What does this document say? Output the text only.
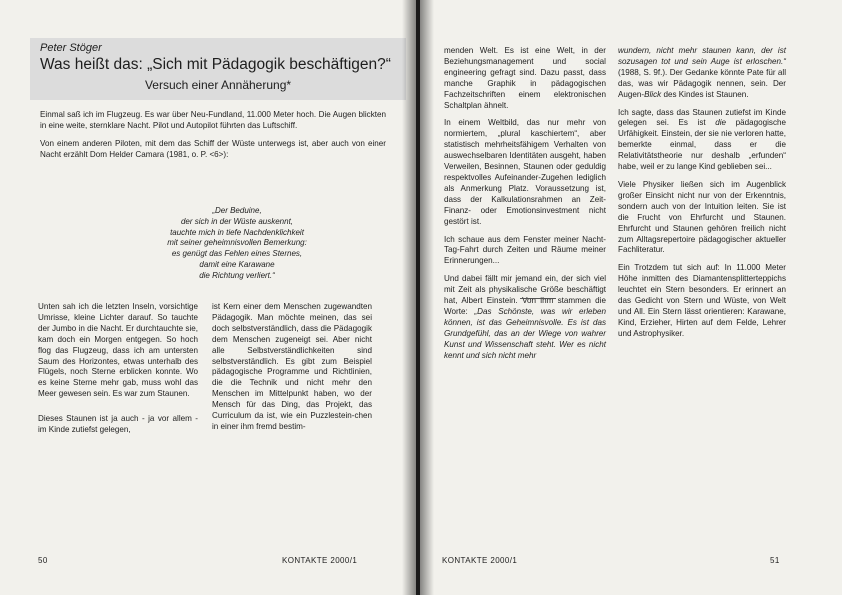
Peter Stöger
Was heißt das: „Sich mit Pädagogik beschäftigen?“
Versuch einer Annäherung*

Einmal saß ich im Flugzeug. Es war über Neu-Fundland, 11.000 Meter hoch. Die Augen blickten in eine weite, sternklare Nacht. Pilot und Autopilot führten das Luftschiff.

Von einem anderen Piloten, mit dem das Schiff der Wüste unterwegs ist, aber auch von einer Nacht erzählt Dom Helder Camara (1981, o. P. <6>):

„Der Beduine,
der sich in der Wüste auskennt,
tauchte mich in tiefe Nachdenklichkeit
mit seiner geheimnisvollen Bemerkung:
es genügt das Fehlen eines Sternes,
damit eine Karawane
die Richtung verliert.“

Unten sah ich die letzten Inseln, vorsichtige Umrisse, kleine Lichter darauf. So tauchte der Jumbo in die Nacht. Er durchtauchte sie, kam doch ein Morgen entgegen. So hoch flog das Flugzeug, dass ich am untersten Saum des Horizontes, etwas unterhalb des Flügels, noch Sterne erblicken konnte. Wo es keine Sterne mehr gab, muss wohl das Meer gewesen sein. Es war zum Staunen.

Dieses Staunen ist ja auch - ja vor allem - im Kinde zutiefst gelegen,

ist Kern einer dem Menschen zugewandten Pädagogik. Man möchte meinen, das sei doch selbstverständlich, dass die Pädagogik dem Menschen zugeneigt sei. Aber nicht alle Selbstverständlichkeiten sind selbstverständlich. Es gibt zum Beispiel pädagogische Programme und Richtlinien, die die Technik und nicht mehr den Menschen im Mittelpunkt haben, wo der Mensch für das Ding, das Projekt, das Curriculum da ist, wie ein Puzzlestein-chen in einer ihm fremd bestim-

50	KONTAKTE 2000/1

menden Welt. Es ist eine Welt, in der Beziehungsmanagement und social engineering gefragt sind. Dazu passt, dass manche Graphik in pädagogischen Fachzeitschriften einem elektronischen Schaltplan ähnelt.

In einem Weltbild, das nur mehr von normiertem, „plural kaschiertem“, aber statistisch mehrheitsfähigem Verhalten von auswechselbaren Identitäten ausgeht, haben Verweilen, Besinnen, Staunen oder geduldig respektvolles Aufeinander-Zugehen lediglich als Anmerkung Platz. Voraussetzung ist, dass der Kalkulationsrahmen an Zeit- Finanz- oder Emotionsinvestment nicht gestört ist.

Ich schaue aus dem Fenster meiner Nacht-Tag-Fahrt durch Zeiten und Räume meiner Erinnerungen...

Und dabei fällt mir jemand ein, der sich viel mit Zeit als physikalische Größe beschäftigt hat, Albert Einstein. Von ihm stammen die Worte: „Das Schönste, was wir erleben können, ist das Geheimnisvolle. Es ist das Grundgefühl, das an der Wiege von wahrer Kunst und Wissenschaft steht. Wer es nicht kennt und sich nicht mehr

wundern, nicht mehr staunen kann, der ist sozusagen tot und sein Auge ist erloschen.“ (1988, S. 9f.). Der Gedanke könnte Pate für all das, was wir Pädagogik nennen, sein. Der Augen-Blick des Kindes ist Staunen.

Ich sagte, dass das Staunen zutiefst im Kinde gelegen sei. Es ist die pädagogische Urfähigkeit. Einstein, der sie nie verloren hatte, bemerkte einmal, dass er die Relativitätstheorie nur deshalb „erfunden“ habe, weil er zu lange Kind geblieben sei...

Viele Physiker ließen sich im Augenblick großer Einsicht nicht nur von der Erkenntnis, sondern auch von der Intuition leiten. Sie ist die Frucht von Ehrfurcht und Staunen. Ehrfurcht und Staunen gehören freilich nicht zum Alltagsrepertoire pädagogischer aktueller Fachliteratur.

Ein Trotzdem tut sich auf: In 11.000 Meter Höhe inmitten des Diamantensplitterteppichs leuchtet ein Stern besonders. Er erinnert an das Gedicht von Stern und Wüste, von Welt und All. Ein Stern lässt orientieren: Karawane, Kind, Erzieher, Hirten auf dem Felde, Lehrer und Astrophysiker.

KONTAKTE 2000/1	51
